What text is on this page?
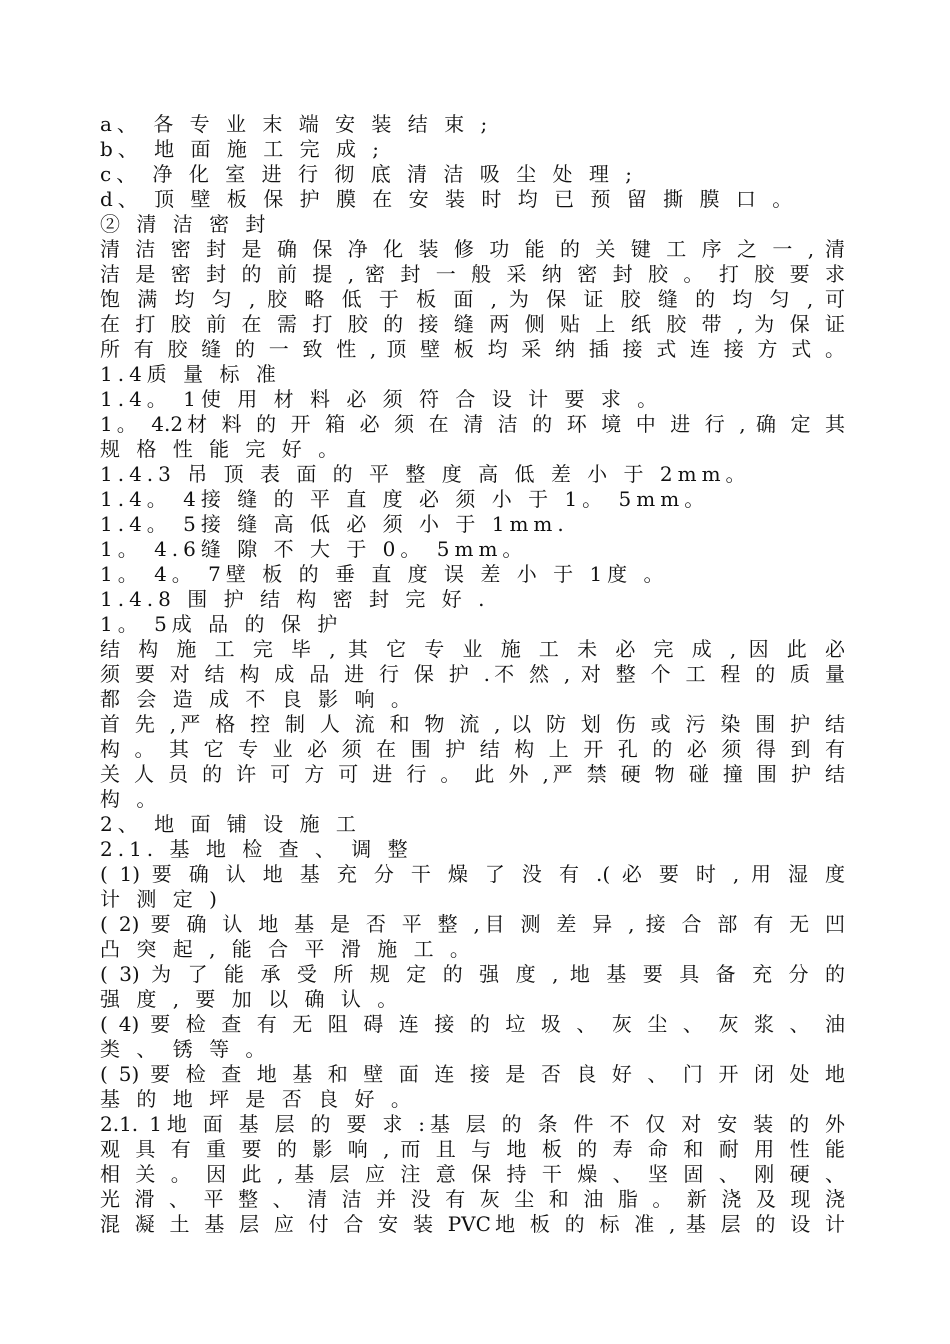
a、 各 专 业 末 端 安 装 结 束 ;
b、 地 面 施 工 完 成 ;
c、 净 化 室 进 行 彻 底 清 洁 吸 尘 处 理 ;
d、 顶 壁 板 保 护 膜 在 安 装 时 均 已 预 留 撕 膜 口 。
② 清 洁 密 封
清 洁 密 封 是 确 保 净 化 装 修 功 能 的 关 键 工 序 之 一 , 清
洁 是 密 封 的 前 提 , 密 封 一 般 采 纳 密 封 胶 。 打 胶 要 求
饱 满 均 匀 , 胶 略 低 于 板 面 , 为 保 证 胶 缝 的 均 匀 , 可
在 打 胶 前 在 需 打 胶 的 接 缝 两 侧 贴 上 纸 胶 带 , 为 保 证
所 有 胶 缝 的 一 致 性 , 顶 壁 板 均 采 纳 插 接 式 连 接 方 式 。
1.4质 量 标 准
1.4。 1使 用 材 料 必 须 符 合 设 计 要 求 。
1。 4.2材 料 的 开 箱 必 须 在 清 洁 的 环 境 中 进 行 , 确 定 其
规 格 性 能 完 好 。
1.4.3 吊 顶 表 面 的 平 整 度 高 低 差 小 于 2mm。
1.4。 4接 缝 的 平 直 度 必 须 小 于 1。 5mm。
1.4。 5接 缝 高 低 必 须 小 于 1mm.
1。 4.6缝 隙 不 大 于 0。 5mm。
1。 4。 7壁 板 的 垂 直 度 误 差 小 于 1度 。
1.4.8 围 护 结 构 密 封 完 好 .
1。 5成 品 的 保 护
结 构 施 工 完 毕 , 其 它 专 业 施 工 未 必 完 成 , 因 此 必
须 要 对 结 构 成 品 进 行 保 护 .不 然 , 对 整 个 工 程 的 质 量
都 会 造 成 不 良 影 响 。
首 先 ,严 格 控 制 人 流 和 物 流 , 以 防 划 伤 或 污 染 围 护 结
构 。 其 它 专 业 必 须 在 围 护 结 构 上 开 孔 的 必 须 得 到 有
关 人 员 的 许 可 方 可 进 行 。 此 外 ,严 禁 硬 物 碰 撞 围 护 结
构 。
2、 地 面 铺 设 施 工
2.1. 基 地 检 查 、 调 整
( 1) 要 确 认 地 基 充 分 干 燥 了 没 有 .( 必 要 时 , 用 湿 度
计 测 定 )
( 2) 要 确 认 地 基 是 否 平 整 ,目 测 差 异 , 接 合 部 有 无 凹
凸 突 起 , 能 合 平 滑 施 工 。
( 3) 为 了 能 承 受 所 规 定 的 强 度 , 地 基 要 具 备 充 分 的
强 度 , 要 加 以 确 认 。
( 4) 要 检 查 有 无 阻 碍 连 接 的 垃 圾 、 灰 尘 、 灰 浆 、 油
类 、 锈 等 。
( 5) 要 检 查 地 基 和 壁 面 连 接 是 否 良 好 、 门 开 闭 处 地
基 的 地 坪 是 否 良 好 。
2.1. 1地 面 基 层 的 要 求 :基 层 的 条 件 不 仅 对 安 装 的 外
观 具 有 重 要 的 影 响 , 而 且 与 地 板 的 寿 命 和 耐 用 性 能
相 关 。 因 此 , 基 层 应 注 意 保 持 干 燥 、 坚 固 、 刚 硬 、
光 滑 、 平 整 、 清 洁 并 没 有 灰 尘 和 油 脂 。 新 浇 及 现 浇
混 凝 土 基 层 应 付 合 安 装 PVC地 板 的 标 准 , 基 层 的 设 计
